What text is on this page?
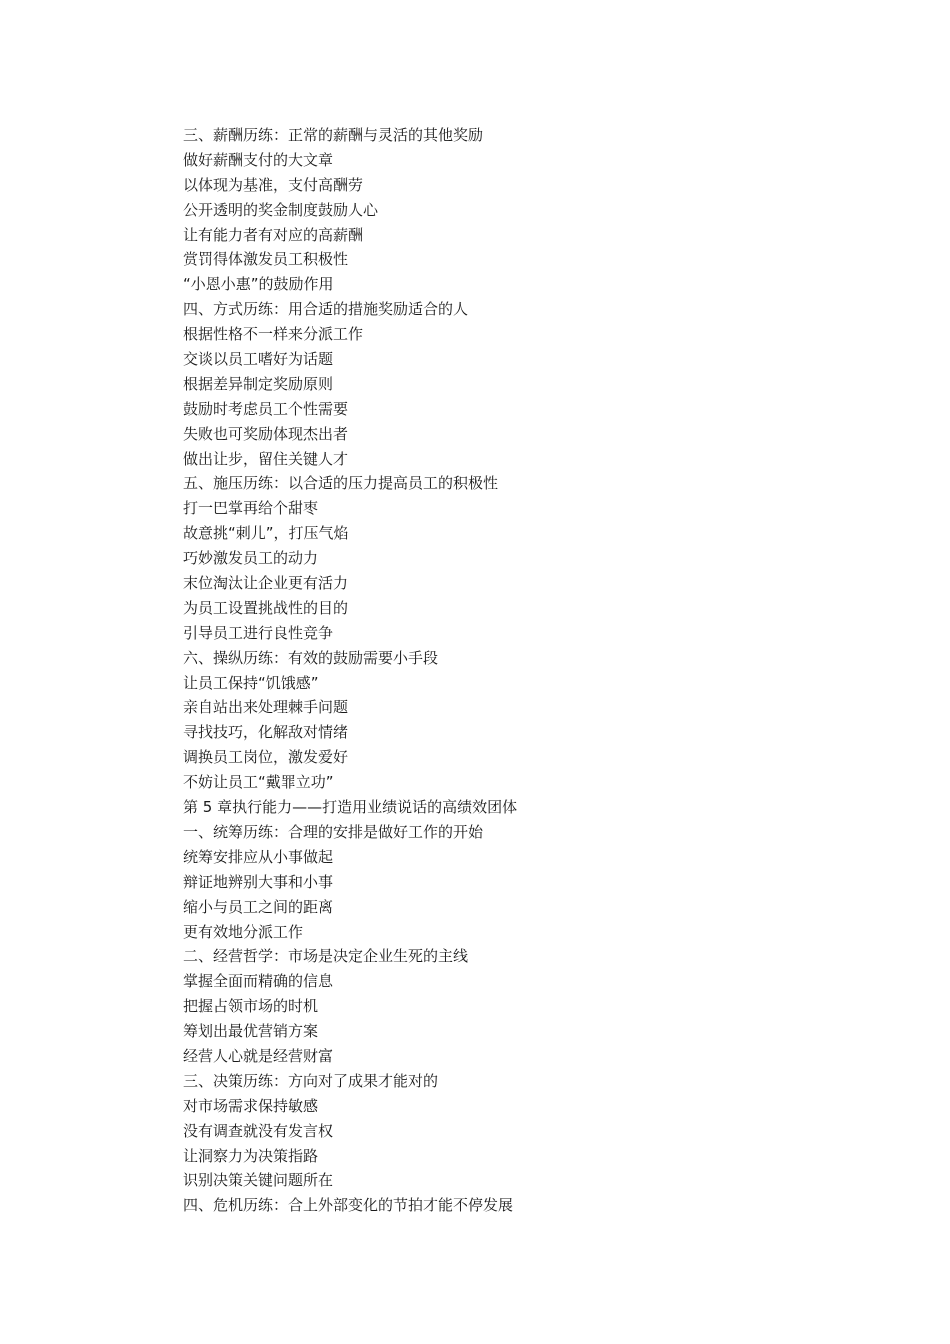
三、薪酬历练：正常的薪酬与灵活的其他奖励
做好薪酬支付的大文章
以体现为基准，支付高酬劳
公开透明的奖金制度鼓励人心
让有能力者有对应的高薪酬
赏罚得体激发员工积极性
“小恩小惠”的鼓励作用
四、方式历练：用合适的措施奖励适合的人
根据性格不一样来分派工作
交谈以员工嗜好为话题
根据差异制定奖励原则
鼓励时考虑员工个性需要
失败也可奖励体现杰出者
做出让步，留住关键人才
五、施压历练：以合适的压力提高员工的积极性
打一巴掌再给个甜枣
故意挑“刺儿”，打压气焰
巧妙激发员工的动力
末位淘汰让企业更有活力
为员工设置挑战性的目的
引导员工进行良性竞争
六、操纵历练：有效的鼓励需要小手段
让员工保持“饥饿感”
亲自站出来处理棘手问题
寻找技巧，化解敌对情绪
调换员工岗位，激发爱好
不妨让员工“戴罪立功”
第 5 章执行能力——打造用业绩说话的高绩效团体
一、统筹历练：合理的安排是做好工作的开始
统筹安排应从小事做起
辩证地辨别大事和小事
缩小与员工之间的距离
更有效地分派工作
二、经营哲学：市场是决定企业生死的主线
掌握全面而精确的信息
把握占领市场的时机
筹划出最优营销方案
经营人心就是经营财富
三、决策历练：方向对了成果才能对的
对市场需求保持敏感
没有调查就没有发言权
让洞察力为决策指路
识别决策关键问题所在
四、危机历练：合上外部变化的节拍才能不停发展
